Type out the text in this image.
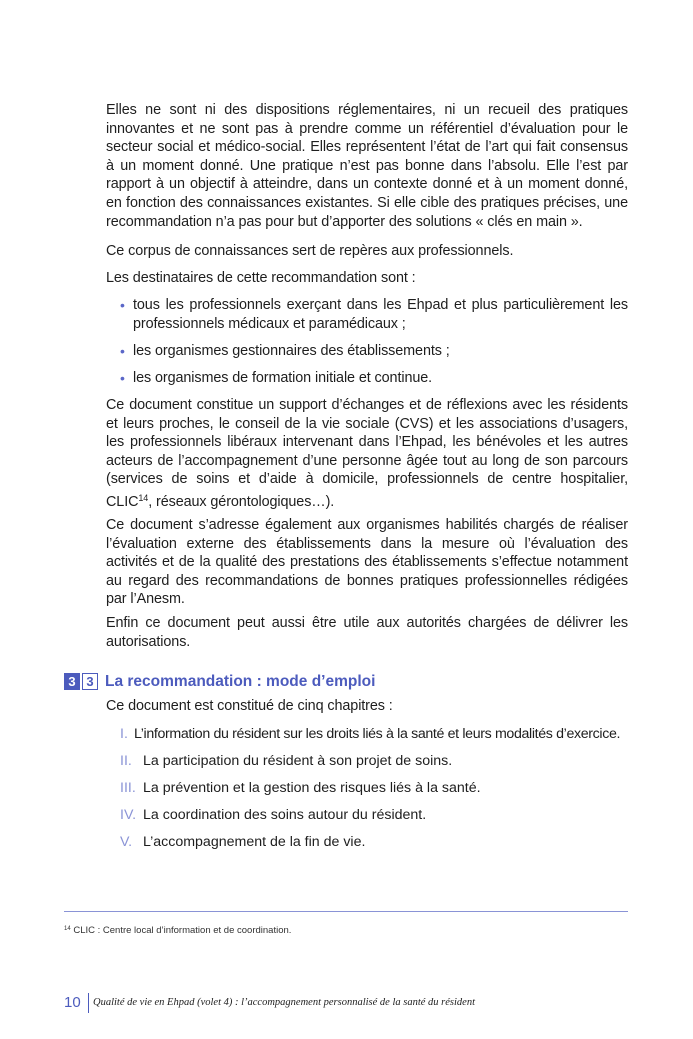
Elles ne sont ni des dispositions réglementaires, ni un recueil des pratiques innovantes et ne sont pas à prendre comme un référentiel d’évaluation pour le secteur social et médico-social. Elles représentent l’état de l’art qui fait consensus à un moment donné. Une pratique n’est pas bonne dans l’absolu. Elle l’est par rapport à un objectif à atteindre, dans un contexte donné et à un moment donné, en fonction des connaissances existantes. Si elle cible des pratiques précises, une recommandation n’a pas pour but d’apporter des solutions « clés en main ».

Ce corpus de connaissances sert de repères aux professionnels.

Les destinataires de cette recommandation sont :

• tous les professionnels exerçant dans les Ehpad et plus particulièrement les professionnels médicaux et paramédicaux ;
• les organismes gestionnaires des établissements ;
• les organismes de formation initiale et continue.

Ce document constitue un support d’échanges et de réflexions avec les résidents et leurs proches, le conseil de la vie sociale (CVS) et les associations d’usagers, les professionnels libéraux intervenant dans l’Ehpad, les bénévoles et les autres acteurs de l’accompagnement d’une personne âgée tout au long de son parcours (services de soins et d’aide à domicile, professionnels de centre hospitalier, CLIC$^{14}$, réseaux gérontologiques…).

Ce document s’adresse également aux organismes habilités chargés de réaliser l’évaluation externe des établissements dans la mesure où l’évaluation des activités et de la qualité des prestations des établissements s’effectue notamment au regard des recommandations de bonnes pratiques professionnelles rédigées par l’Anesm.

Enfin ce document peut aussi être utile aux autorités chargées de délivrer les autorisations.

3 3 La recommandation : mode d’emploi

Ce document est constitué de cinq chapitres :

I. L’information du résident sur les droits liés à la santé et leurs modalités d’exercice.
II. La participation du résident à son projet de soins.
III. La prévention et la gestion des risques liés à la santé.
IV. La coordination des soins autour du résident.
V. L’accompagnement de la fin de vie.
$^{14}$ CLIC : Centre local d’information et de coordination.
10 Qualité de vie en Ehpad (volet 4) : l’accompagnement personnalisé de la santé du résident
